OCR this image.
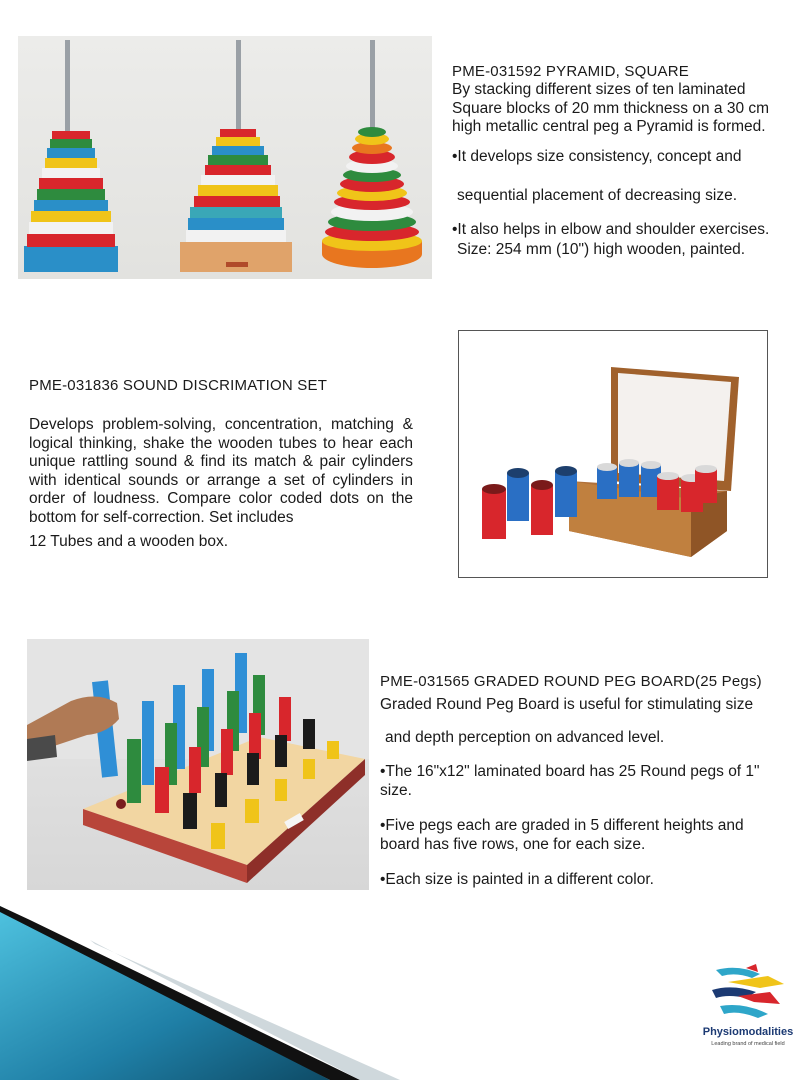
PME-031592 PYRAMID, SQUARE

By stacking different sizes of ten laminated Square blocks of 20 mm thickness on a 30 cm high metallic central peg a Pyramid is formed.

•It develops size consistency, concept and
sequential placement of decreasing size.
•It also helps in elbow and shoulder exercises.
Size: 254 mm (10") high wooden, painted.
PME-031836 SOUND DISCRIMATION SET
Develops problem-solving, concentration, matching & logical thinking, shake the wooden tubes to hear each unique rattling sound & find its match & pair cylinders with identical sounds or arrange a set of cylinders in order of loudness. Compare color coded dots on the bottom for self-correction. Set includes
12 Tubes and a wooden box.
PME-031565 GRADED ROUND PEG BOARD(25 Pegs)
Graded Round Peg Board is useful for stimulating size
and depth perception on advanced level.
•The 16"x12" laminated board has 25 Round pegs of 1" size.
•Five pegs each are graded in 5 different heights and board has five rows, one for each size.
•Each size is painted in a different color.
Physiomodalities
Leading brand of medical field
